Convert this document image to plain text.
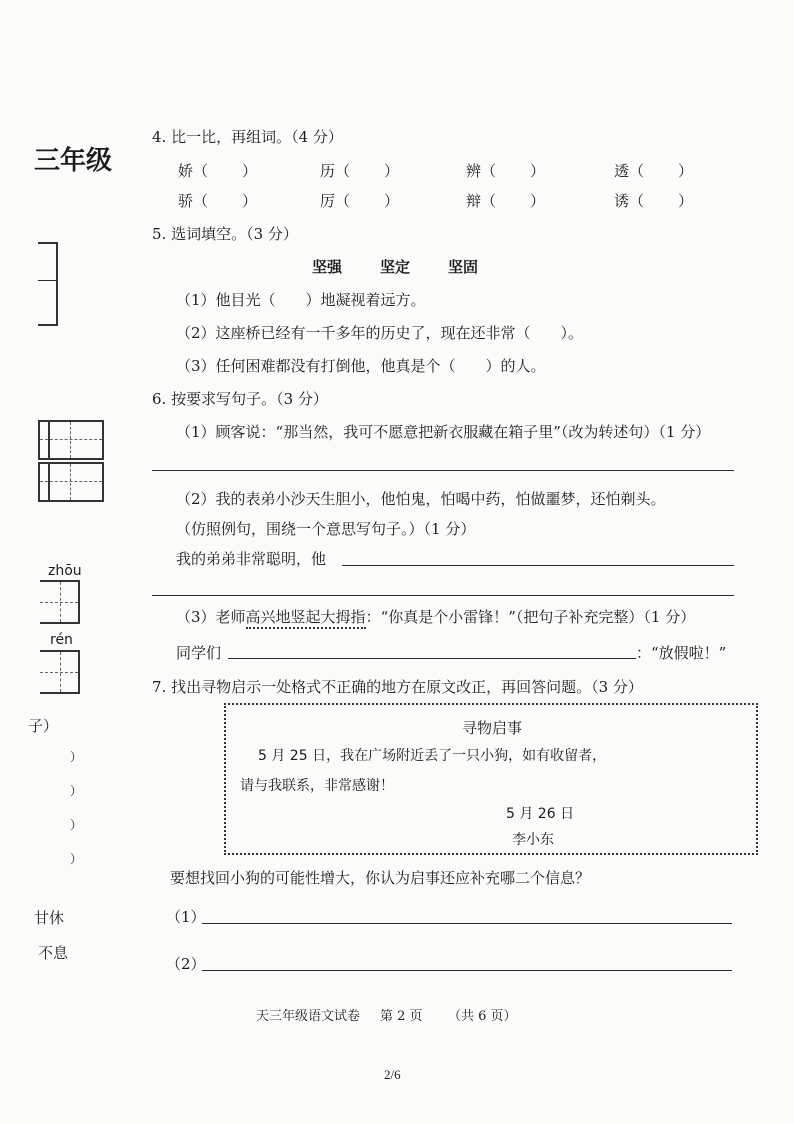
三年级
zhōu
rén
子）
）
）
）
）
甘休
不息
4. 比一比，再组词。（4 分）
娇（ ）	历（ ）	辨（ ）	透（ ）
骄（ ）	厉（ ）	辩（ ）	诱（ ）
5. 选词填空。（3 分）
坚强	坚定	坚固
（1）他目光（　　）地凝视着远方。
（2）这座桥已经有一千多年的历史了，现在还非常（　　）。
（3）任何困难都没有打倒他，他真是个（　　）的人。
6. 按要求写句子。（3 分）
（1）顾客说：“那当然，我可不愿意把新衣服藏在箱子里”（改为转述句）（1 分）
（2）我的表弟小沙天生胆小，他怕鬼，怕喝中药，怕做噩梦，还怕剃头。
（仿照例句，围绕一个意思写句子。）（1 分）
我的弟弟非常聪明，他
（3）老师高兴地竖起大拇指：“你真是个小雷锋！”（把句子补充完整）（1 分）
同学们	：“放假啦！”
7. 找出寻物启示一处格式不正确的地方在原文改正，再回答问题。（3 分）
寻物启事
5 月 25 日，我在广场附近丢了一只小狗，如有收留者，
请与我联系，非常感谢！
5 月 26 日
李小东
要想找回小狗的可能性增大，你认为启事还应补充哪二个信息？
（1）
（2）
天三年级语文试卷 第 2 页 （共 6 页）
2/6
